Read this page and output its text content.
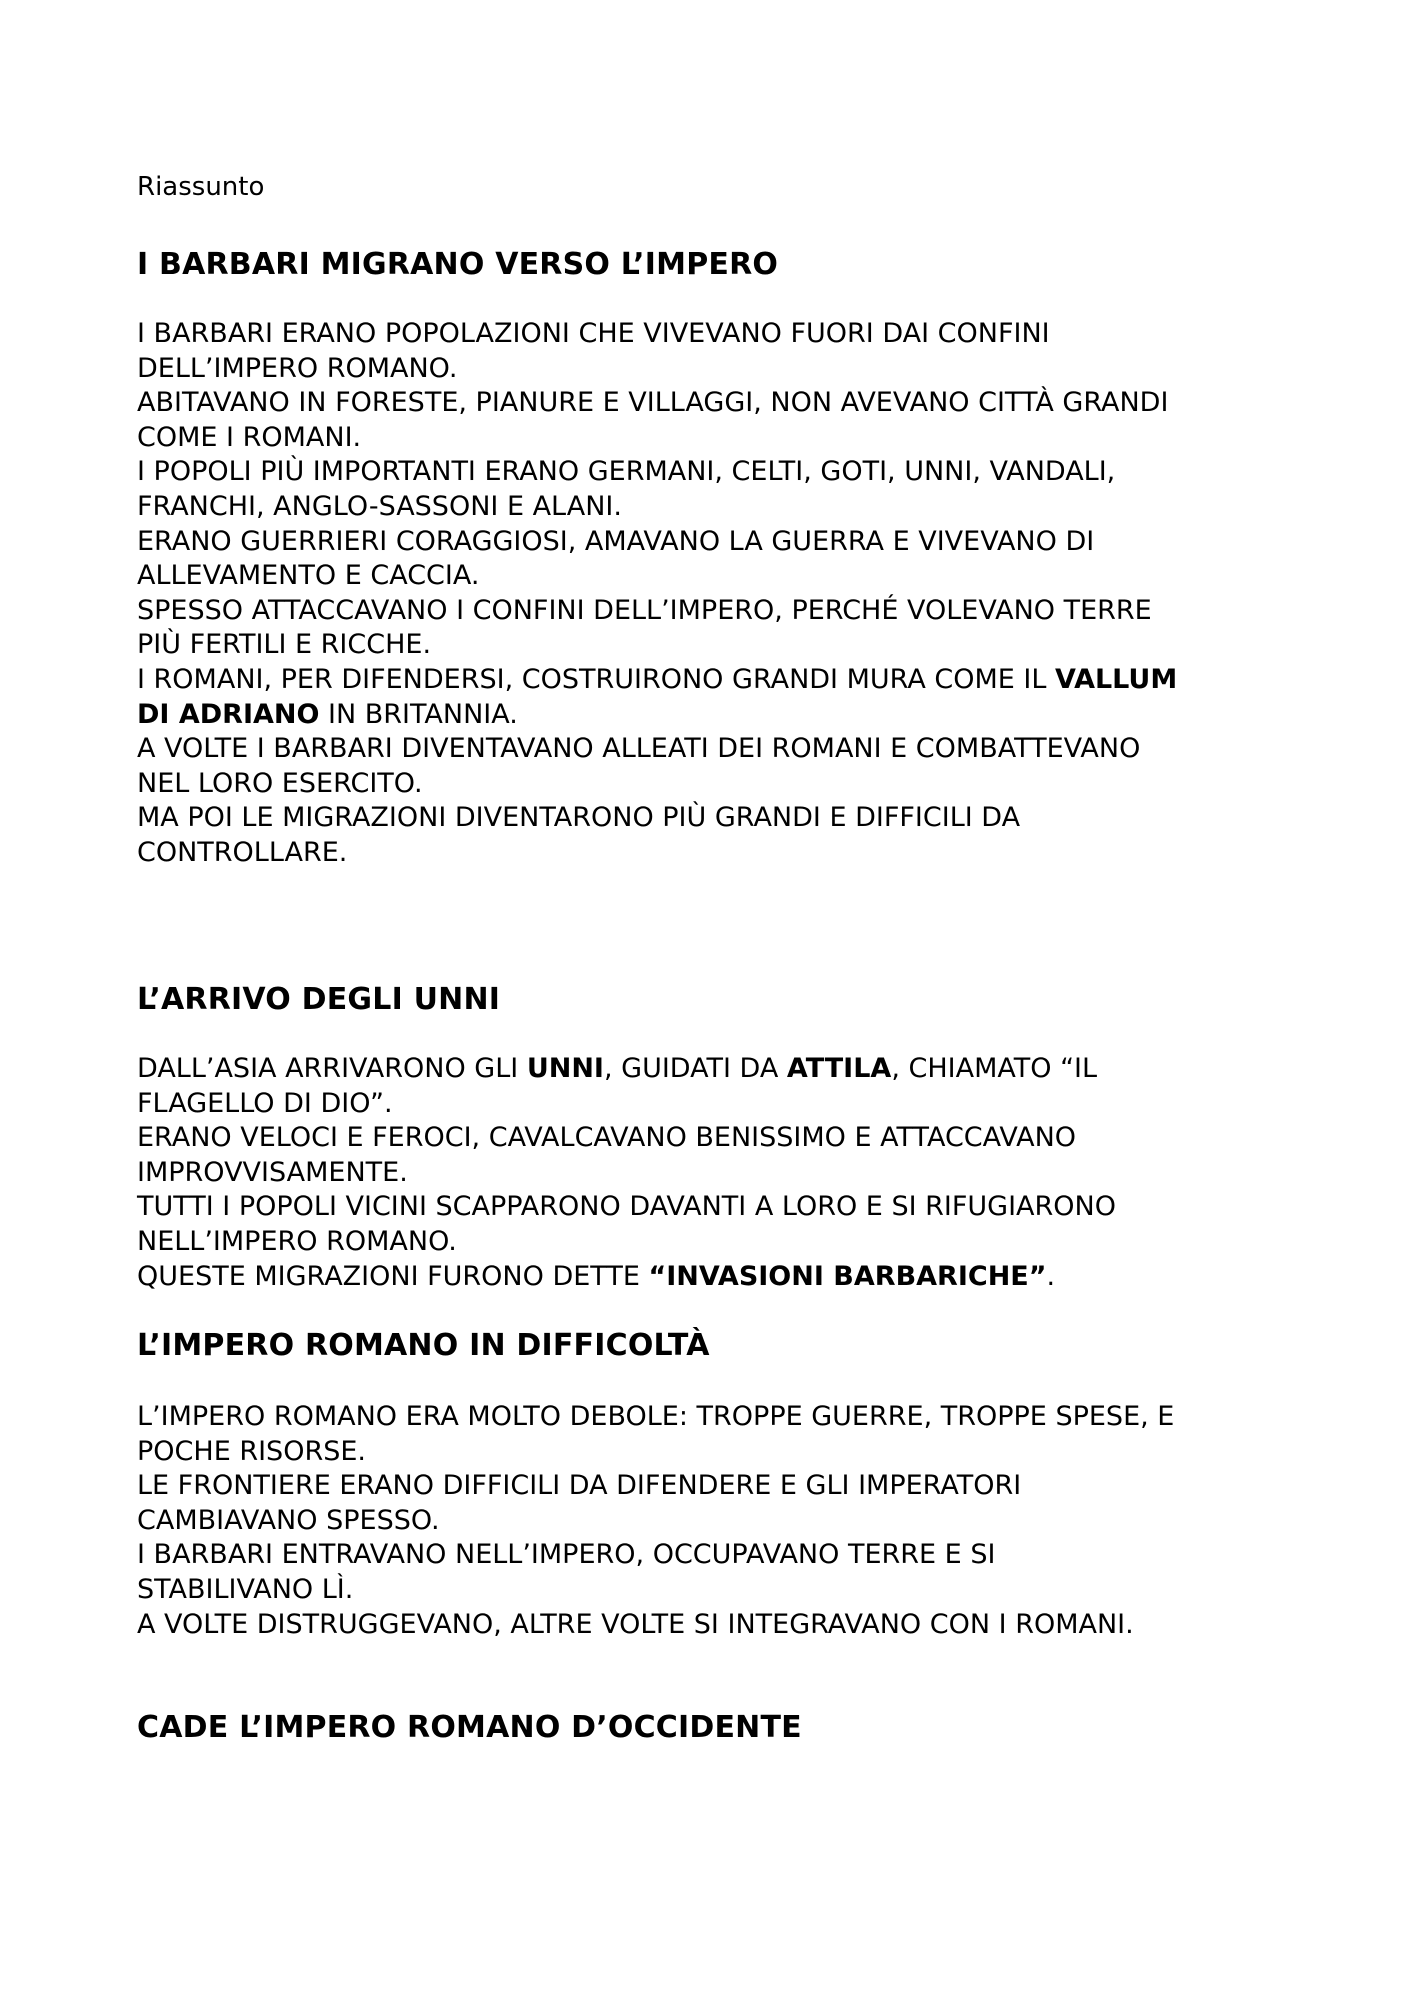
Riassunto

I BARBARI MIGRANO VERSO L’IMPERO

I BARBARI ERANO POPOLAZIONI CHE VIVEVANO FUORI DAI CONFINI

DELL’IMPERO ROMANO.

ABITAVANO IN FORESTE, PIANURE E VILLAGGI, NON AVEVANO CITTÀ GRANDI

COME I ROMANI.

I POPOLI PIÙ IMPORTANTI ERANO GERMANI, CELTI, GOTI, UNNI, VANDALI,

FRANCHI, ANGLO-SASSONI E ALANI.

ERANO GUERRIERI CORAGGIOSI, AMAVANO LA GUERRA E VIVEVANO DI

ALLEVAMENTO E CACCIA.

SPESSO ATTACCAVANO I CONFINI DELL’IMPERO, PERCHÉ VOLEVANO TERRE

PIÙ FERTILI E RICCHE.

I ROMANI, PER DIFENDERSI, COSTRUIRONO GRANDI MURA COME IL VALLUM

DI ADRIANO IN BRITANNIA.

A VOLTE I BARBARI DIVENTAVANO ALLEATI DEI ROMANI E COMBATTEVANO

NEL LORO ESERCITO.

MA POI LE MIGRAZIONI DIVENTARONO PIÙ GRANDI E DIFFICILI DA

CONTROLLARE.

L’ARRIVO DEGLI UNNI

DALL’ASIA ARRIVARONO GLI UNNI, GUIDATI DA ATTILA, CHIAMATO “IL

FLAGELLO DI DIO”.

ERANO VELOCI E FEROCI, CAVALCAVANO BENISSIMO E ATTACCAVANO

IMPROVVISAMENTE.

TUTTI I POPOLI VICINI SCAPPARONO DAVANTI A LORO E SI RIFUGIARONO

NELL’IMPERO ROMANO.

QUESTE MIGRAZIONI FURONO DETTE “INVASIONI BARBARICHE”.

L’IMPERO ROMANO IN DIFFICOLTÀ

L’IMPERO ROMANO ERA MOLTO DEBOLE: TROPPE GUERRE, TROPPE SPESE, E

POCHE RISORSE.

LE FRONTIERE ERANO DIFFICILI DA DIFENDERE E GLI IMPERATORI

CAMBIAVANO SPESSO.

I BARBARI ENTRAVANO NELL’IMPERO, OCCUPAVANO TERRE E SI

STABILIVANO LÌ.

A VOLTE DISTRUGGEVANO, ALTRE VOLTE SI INTEGRAVANO CON I ROMANI.

CADE L’IMPERO ROMANO D’OCCIDENTE
